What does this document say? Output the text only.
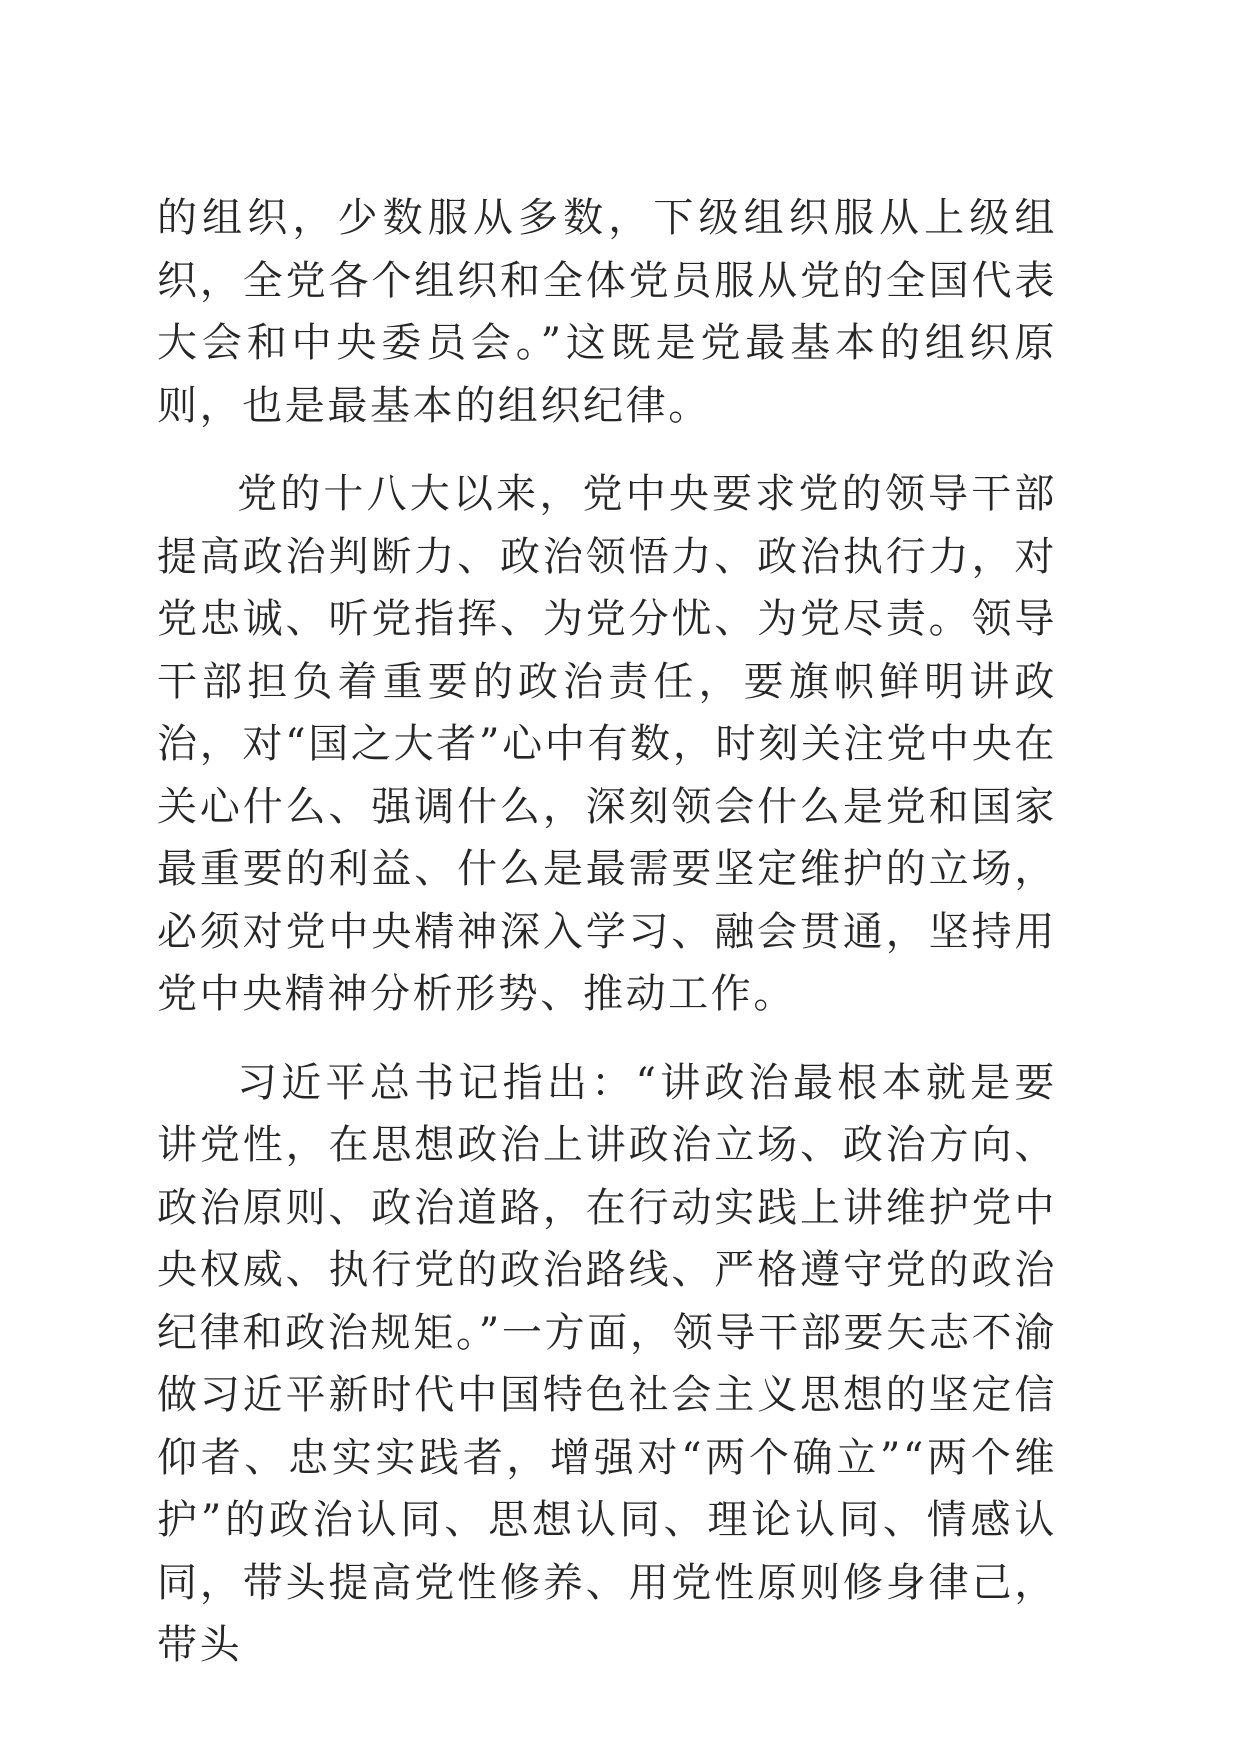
的组织，少数服从多数，下级组织服从上级组织，全党各个组织和全体党员服从党的全国代表大会和中央委员会。”这既是党最基本的组织原则，也是最基本的组织纪律。

党的十八大以来，党中央要求党的领导干部提高政治判断力、政治领悟力、政治执行力，对党忠诚、听党指挥、为党分忧、为党尽责。领导干部担负着重要的政治责任，要旗帜鲜明讲政治，对“国之大者”心中有数，时刻关注党中央在关心什么、强调什么，深刻领会什么是党和国家最重要的利益、什么是最需要坚定维护的立场，必须对党中央精神深入学习、融会贯通，坚持用党中央精神分析形势、推动工作。

习近平总书记指出：“讲政治最根本就是要讲党性，在思想政治上讲政治立场、政治方向、政治原则、政治道路，在行动实践上讲维护党中央权威、执行党的政治路线、严格遵守党的政治纪律和政治规矩。”一方面，领导干部要矢志不渝做习近平新时代中国特色社会主义思想的坚定信仰者、忠实实践者，增强对“两个确立”“两个维护”的政治认同、思想认同、理论认同、情感认同，带头提高党性修养、用党性原则修身律己，带头
